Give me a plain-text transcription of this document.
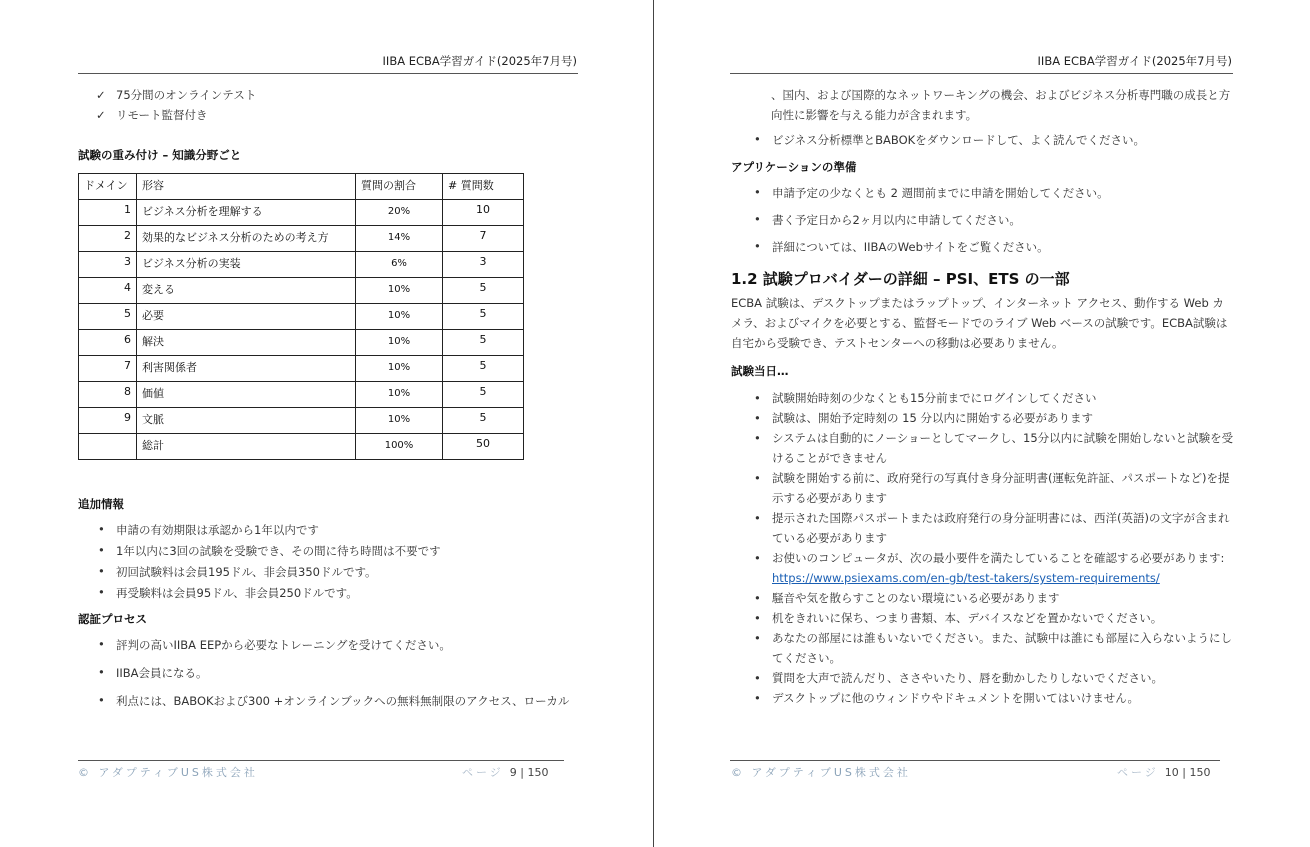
IIBA ECBA学習ガイド(2025年7月号)
✓ 75分間のオンラインテスト
✓ リモート監督付き
試験の重み付け – 知識分野ごと
ドメイン	形容	質問の割合	# 質問数
1	ビジネス分析を理解する	20%	10
2	効果的なビジネス分析のための考え方	14%	7
3	ビジネス分析の実装	6%	3
4	変える	10%	5
5	必要	10%	5
6	解決	10%	5
7	利害関係者	10%	5
8	価値	10%	5
9	文脈	10%	5
	総計	100%	50
追加情報
• 申請の有効期限は承認から1年以内です
• 1年以内に3回の試験を受験でき、その間に待ち時間は不要です
• 初回試験料は会員195ドル、非会員350ドルです。
• 再受験料は会員95ドル、非会員250ドルです。
認証プロセス
• 評判の高いIIBA EEPから必要なトレーニングを受けてください。
• IIBA会員になる。
• 利点には、BABOKおよび300 +オンラインブックへの無料無制限のアクセス、ローカル
© アダプティブUS株式会社	ページ 9 | 150
IIBA ECBA学習ガイド(2025年7月号)
© アダプティブUS株式会社	ページ 10 | 150

、国内、および国際的なネットワーキングの機会、およびビジネス分析専門職の成長と方向性に影響を与える能力が含まれます。

• ビジネス分析標準とBABOKをダウンロードして、よく読んでください。
アプリケーションの準備
• 申請予定の少なくとも 2 週間前までに申請を開始してください。
• 書く予定日から2ヶ月以内に申請してください。
• 詳細については、IIBAのWebサイトをご覧ください。
1.2 試験プロバイダーの詳細 – PSI、ETS の一部

ECBA 試験は、デスクトップまたはラップトップ、インターネット アクセス、動作する Web カメラ、およびマイクを必要とする、監督モードでのライブ Web ベースの試験です。ECBA試験は自宅から受験でき、テストセンターへの移動は必要ありません。

試験当日…
• 試験開始時刻の少なくとも15分前までにログインしてください
• 試験は、開始予定時刻の 15 分以内に開始する必要があります
• システムは自動的にノーショーとしてマークし、15分以内に試験を開始しないと試験を受けることができません
• 試験を開始する前に、政府発行の写真付き身分証明書(運転免許証、パスポートなど)を提示する必要があります
• 提示された国際パスポートまたは政府発行の身分証明書には、西洋(英語)の文字が含まれている必要があります
• お使いのコンピュータが、次の最小要件を満たしていることを確認する必要があります:
https://www.psiexams.com/en-gb/test-takers/system-requirements/
• 騒音や気を散らすことのない環境にいる必要があります
• 机をきれいに保ち、つまり書類、本、デバイスなどを置かないでください。
• あなたの部屋には誰もいないでください。また、試験中は誰にも部屋に入らないようにしてください。
• 質問を大声で読んだり、ささやいたり、唇を動かしたりしないでください。
• デスクトップに他のウィンドウやドキュメントを開いてはいけません。
